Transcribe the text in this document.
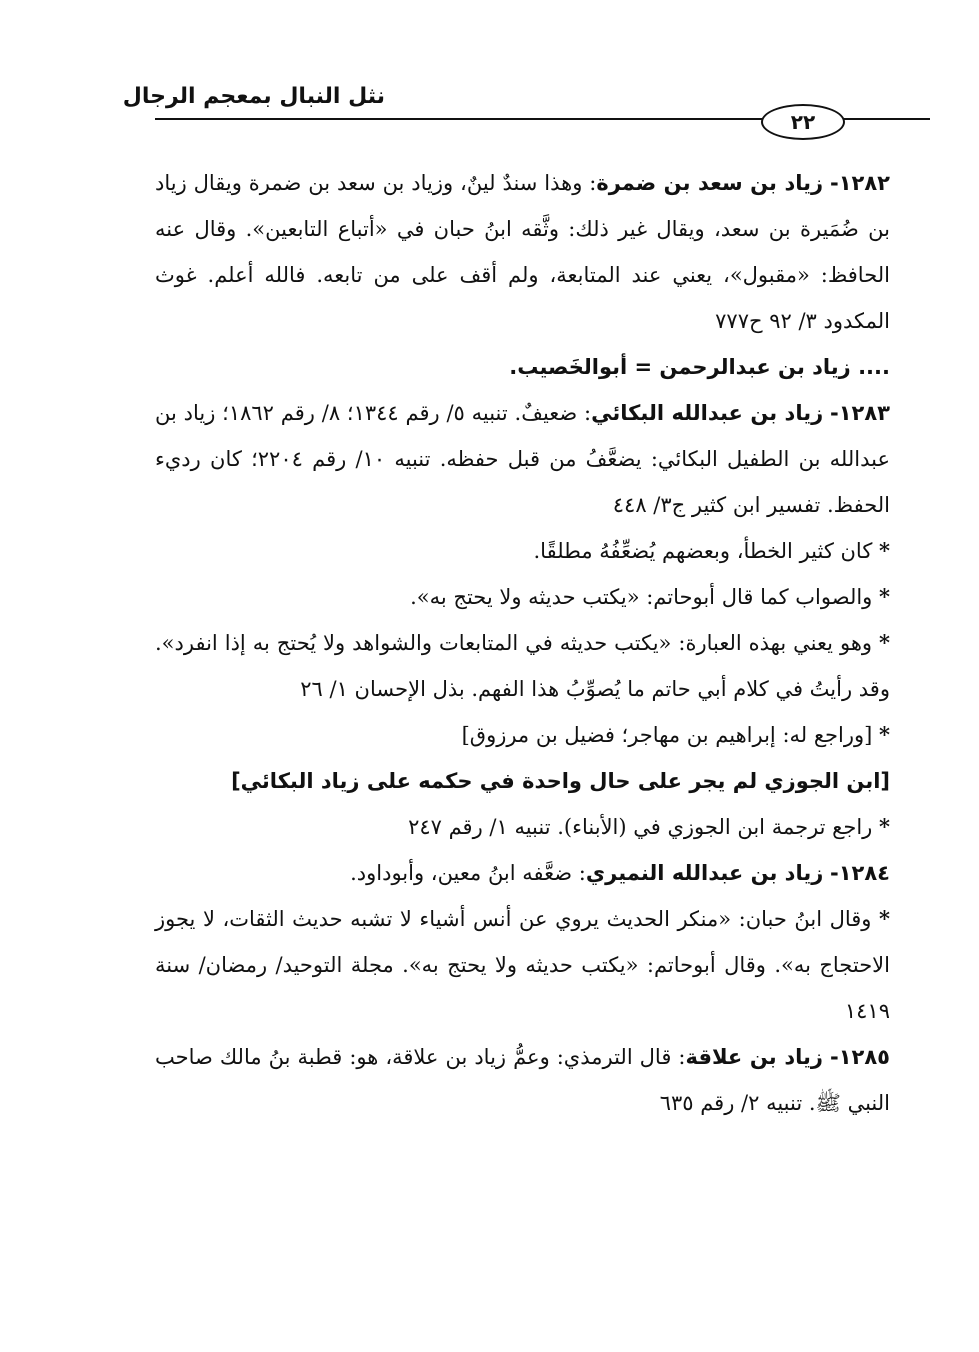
نثل النبال بمعجم الرجال
٢٢

١٢٨٢- زياد بن سعد بن ضمرة: وهذا سندٌ لينٌ، وزياد بن سعد بن ضمرة ويقال زياد بن ضُمَيرة بن سعد، ويقال غير ذلك: وثَّقه ابنُ حبان في «أتباع التابعين». وقال عنه الحافظ: «مقبول»، يعني عند المتابعة، ولم أقف على من تابعه. فالله أعلم. غوث المكدود ٣/ ٩٢ ح٧٧٧

.... زياد بن عبدالرحمن = أبوالخَصيب.

١٢٨٣- زياد بن عبدالله البكائي: ضعيفٌ. تنبيه ٥/ رقم ١٣٤٤؛ ٨/ رقم ١٨٦٢؛ زياد بن عبدالله بن الطفيل البكائي: يضعَّفُ من قبل حفظه. تنبيه ١٠/ رقم ٢٢٠٤؛ كان رديء الحفظ. تفسير ابن كثير ج٣/ ٤٤٨

* كان كثير الخطأ، وبعضهم يُضعِّفُهُ مطلقًا.

* والصواب كما قال أبوحاتم: «يكتب حديثه ولا يحتج به».

* وهو يعني بهذه العبارة: «يكتب حديثه في المتابعات والشواهد ولا يُحتج به إذا انفرد». وقد رأيتُ في كلام أبي حاتم ما يُصوِّبُ هذا الفهم. بذل الإحسان ١/ ٢٦

* [وراجع له: إبراهيم بن مهاجر؛ فضيل بن مرزوق]

[ابن الجوزي لم يجر على حال واحدة في حكمه على زياد البكائي]

* راجع ترجمة ابن الجوزي في (الأبناء). تنبيه ١/ رقم ٢٤٧

١٢٨٤- زياد بن عبدالله النميري: ضعَّفه ابنُ معين، وأبوداود.

* وقال ابنُ حبان: «منكر الحديث يروي عن أنس أشياء لا تشبه حديث الثقات، لا يجوز الاحتجاج به». وقال أبوحاتم: «يكتب حديثه ولا يحتج به». مجلة التوحيد/ رمضان/ سنة ١٤١٩

١٢٨٥- زياد بن علاقة: قال الترمذي: وعمُّ زياد بن علاقة، هو: قطبة بنُ مالك صاحب النبي ﷺ. تنبيه ٢/ رقم ٦٣٥
